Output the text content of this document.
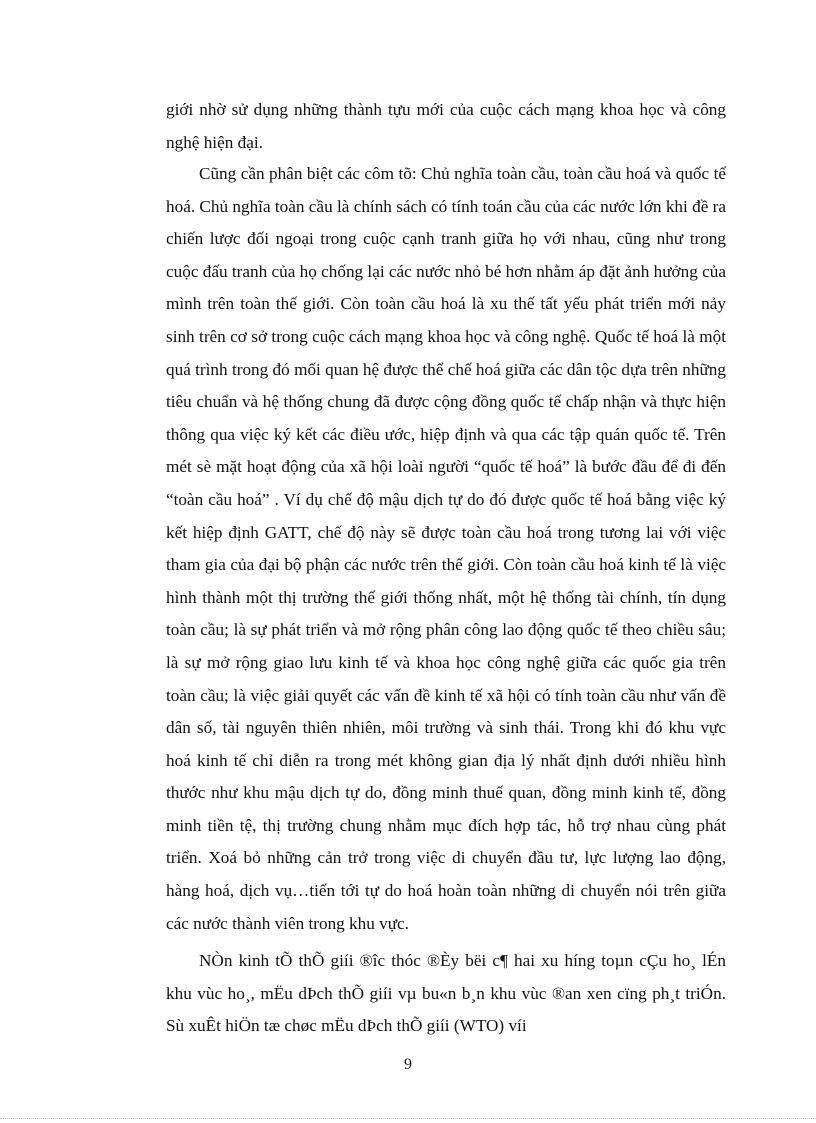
giới nhờ sử dụng những thành tựu mới của cuộc cách mạng khoa học và công nghệ hiện đại.

Cũng cần phân biệt các côm tõ: Chủ nghĩa toàn cầu, toàn cầu hoá và quốc tế hoá. Chủ nghĩa toàn cầu là chính sách có tính toán cầu của các nước lớn khi đề ra chiến lược đối ngoại trong cuộc cạnh tranh giữa họ với nhau, cũng như trong cuộc đấu tranh của họ chống lại các nước nhỏ bé hơn nhằm áp đặt ảnh hưởng của mình trên toàn thế giới. Còn toàn cầu hoá là xu thế tất yếu phát triển mới nảy sinh trên cơ sở trong cuộc cách mạng khoa học và công nghệ. Quốc tế hoá là một quá trình trong đó mối quan hệ được thể chế hoá giữa các dân tộc dựa trên những tiêu chuẩn và hệ thống chung đã được cộng đồng quốc tế chấp nhận và thực hiện thông qua việc ký kết các điều ước, hiệp định và qua các tập quán quốc tế. Trên mét sè mặt hoạt động của xã hội loài người “quốc tế hoá” là bước đầu để đi đến “toàn cầu hoá” . Ví dụ chế độ mậu dịch tự do đó được quốc tế hoá bằng việc ký kết hiệp định GATT, chế độ này sẽ được toàn cầu hoá trong tương lai với việc tham gia của đại bộ phận các nước trên thế giới. Còn toàn cầu hoá kinh tế là việc hình thành một thị trường thế giới thống nhất, một hệ thống tài chính, tín dụng toàn cầu; là sự phát triển và mở rộng phân công lao động quốc tế theo chiều sâu; là sự mở rộng giao lưu kinh tế và khoa học công nghệ giữa các quốc gia trên toàn cầu; là việc giải quyết các vấn đề kinh tế xã hội có tính toàn cầu như vấn đề dân số, tài nguyên thiên nhiên, môi trường và sinh thái. Trong khi đó khu vực hoá kinh tế chỉ diễn ra trong mét không gian địa lý nhất định dưới nhiều hình thước như khu mậu dịch tự do, đồng minh thuế quan, đồng minh kinh tế, đồng minh tiền tệ, thị trường chung nhằm mục đích hợp tác, hỗ trợ nhau cùng phát triển. Xoá bỏ những cản trở trong việc di chuyển đầu tư, lực lượng lao động, hàng hoá, dịch vụ…tiến tới tự do hoá hoàn toàn những di chuyển nói trên giữa các nước thành viên trong khu vực.

NÒn kinh tÕ thÕ giíi ®îc thóc ®Èy bëi c¶ hai xu híng toµn cÇu ho¸ lÉn khu vùc ho¸, mËu dÞch thÕ giíi vµ bu«n b¸n khu vùc ®an xen cïng ph¸t triÓn. Sù xuÊt hiÖn tæ chøc mËu dÞch thÕ giíi (WTO) víi

9
